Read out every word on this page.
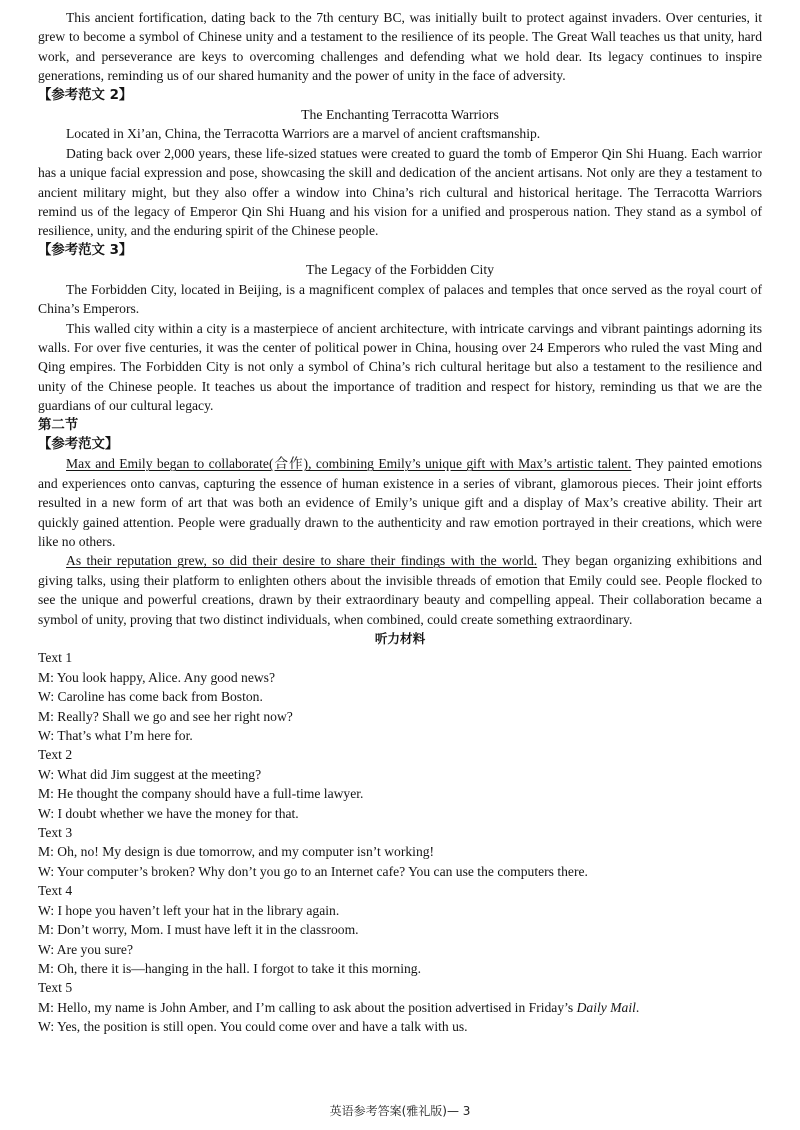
This ancient fortification, dating back to the 7th century BC, was initially built to protect against invaders. Over centuries, it grew to become a symbol of Chinese unity and a testament to the resilience of its people. The Great Wall teaches us that unity, hard work, and perseverance are keys to overcoming challenges and defending what we hold dear. Its legacy continues to inspire generations, reminding us of our shared humanity and the power of unity in the face of adversity.

【参考范文 2】

The Enchanting Terracotta Warriors

Located in Xi’an, China, the Terracotta Warriors are a marvel of ancient craftsmanship.

Dating back over 2,000 years, these life-sized statues were created to guard the tomb of Emperor Qin Shi Huang. Each warrior has a unique facial expression and pose, showcasing the skill and dedication of the ancient artisans. Not only are they a testament to ancient military might, but they also offer a window into China’s rich cultural and historical heritage. The Terracotta Warriors remind us of the legacy of Emperor Qin Shi Huang and his vision for a unified and prosperous nation. They stand as a symbol of resilience, unity, and the enduring spirit of the Chinese people.

【参考范文 3】

The Legacy of the Forbidden City

The Forbidden City, located in Beijing, is a magnificent complex of palaces and temples that once served as the royal court of China’s Emperors.

This walled city within a city is a masterpiece of ancient architecture, with intricate carvings and vibrant paintings adorning its walls. For over five centuries, it was the center of political power in China, housing over 24 Emperors who ruled the vast Ming and Qing empires. The Forbidden City is not only a symbol of China’s rich cultural heritage but also a testament to the resilience and unity of the Chinese people. It teaches us about the importance of tradition and respect for history, reminding us that we are the guardians of our cultural legacy.

第二节

【参考范文】

Max and Emily began to collaborate(合作), combining Emily’s unique gift with Max’s artistic talent. They painted emotions and experiences onto canvas, capturing the essence of human existence in a series of vibrant, glamorous pieces. Their joint efforts resulted in a new form of art that was both an evidence of Emily’s unique gift and a display of Max’s creative ability. Their art quickly gained attention. People were gradually drawn to the authenticity and raw emotion portrayed in their creations, which were like no others.

As their reputation grew, so did their desire to share their findings with the world. They began organizing exhibitions and giving talks, using their platform to enlighten others about the invisible threads of emotion that Emily could see. People flocked to see the unique and powerful creations, drawn by their extraordinary beauty and compelling appeal. Their collaboration became a symbol of unity, proving that two distinct individuals, when combined, could create something extraordinary.

听力材料

Text 1

M: You look happy, Alice. Any good news?

W: Caroline has come back from Boston.

M: Really? Shall we go and see her right now?

W: That’s what I’m here for.

Text 2

W: What did Jim suggest at the meeting?

M: He thought the company should have a full-time lawyer.

W: I doubt whether we have the money for that.

Text 3

M: Oh, no! My design is due tomorrow, and my computer isn’t working!

W: Your computer’s broken? Why don’t you go to an Internet cafe? You can use the computers there.

Text 4

W: I hope you haven’t left your hat in the library again.

M: Don’t worry, Mom. I must have left it in the classroom.

W: Are you sure?

M: Oh, there it is—hanging in the hall. I forgot to take it this morning.

Text 5

M: Hello, my name is John Amber, and I’m calling to ask about the position advertised in Friday’s Daily Mail.

W: Yes, the position is still open. You could come over and have a talk with us.

英语参考答案(雅礼版)— 3
